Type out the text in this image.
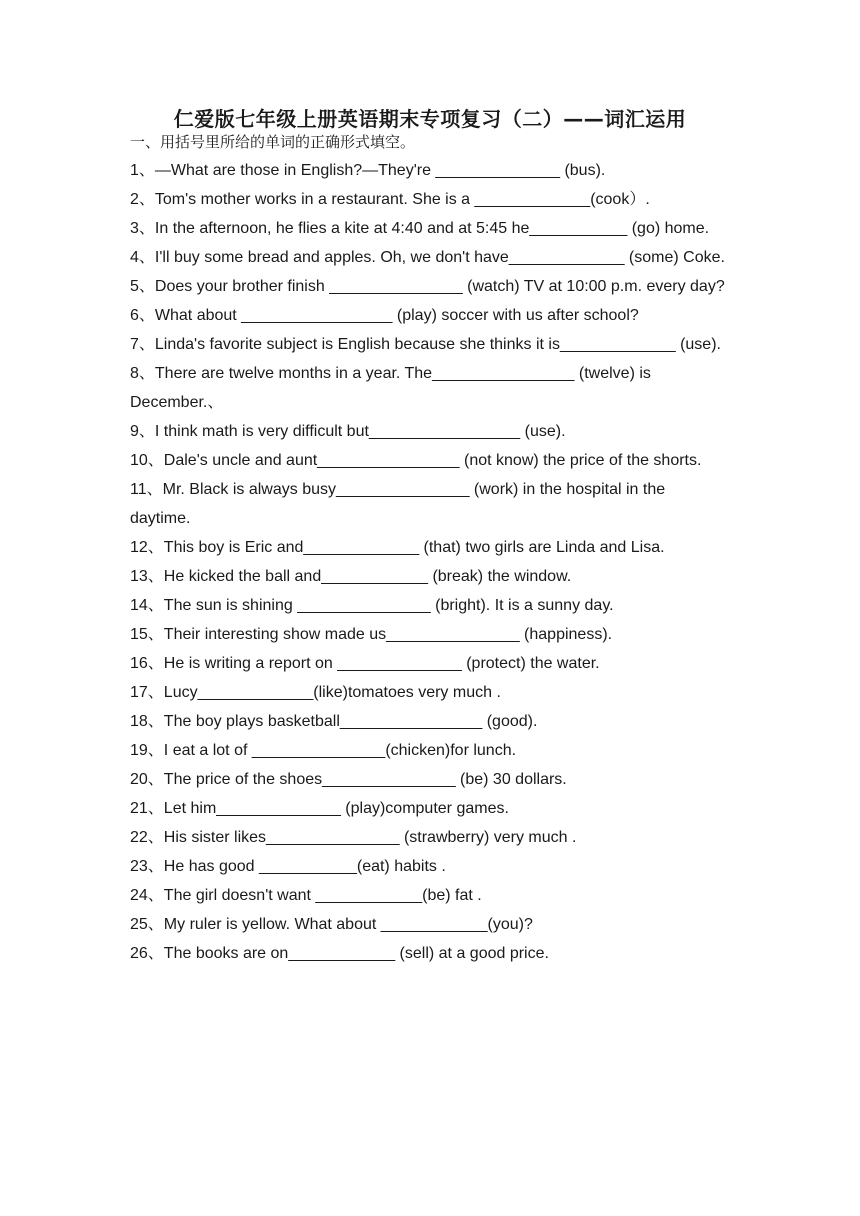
仁爱版七年级上册英语期末专项复习（二）——词汇运用
一、用括号里所给的单词的正确形式填空。

1、—What are those in English?—They're ______________ (bus).

2、Tom's mother works in a restaurant. She is a _____________(cook）.

3、In the afternoon, he flies a kite at 4:40 and at 5:45 he___________ (go) home.

4、I'll buy some bread and apples. Oh, we don't have_____________ (some) Coke.

5、Does your brother finish _______________ (watch) TV at 10:00 p.m. every day?

6、What about _________________ (play) soccer with us after school?

7、Linda's favorite subject is English because she thinks it is_____________ (use).

8、There are twelve months in a year. The________________ (twelve) is December.、

9、I think math is very difficult but_________________ (use).

10、Dale's uncle and aunt________________ (not know) the price of the shorts.

11、Mr. Black is always busy_______________ (work) in the hospital in the daytime.

12、This boy is Eric and_____________ (that) two girls are Linda and Lisa.

13、He kicked the ball and____________ (break) the window.

14、The sun is shining _______________ (bright). It is a sunny day.

15、Their interesting show made us_______________ (happiness).

16、He is writing a report on ______________ (protect) the water.

17、Lucy_____________(like)tomatoes very much .

18、The boy plays basketball________________ (good).

19、I eat a lot of _______________(chicken)for lunch.

20、The price of the shoes_______________ (be) 30 dollars.

21、Let him______________ (play)computer games.

22、His sister likes_______________ (strawberry) very much .

23、He has good ___________(eat) habits .

24、The girl doesn't want ____________(be) fat .

25、My ruler is yellow. What about ____________(you)?

26、The books are on____________ (sell) at a good price.
